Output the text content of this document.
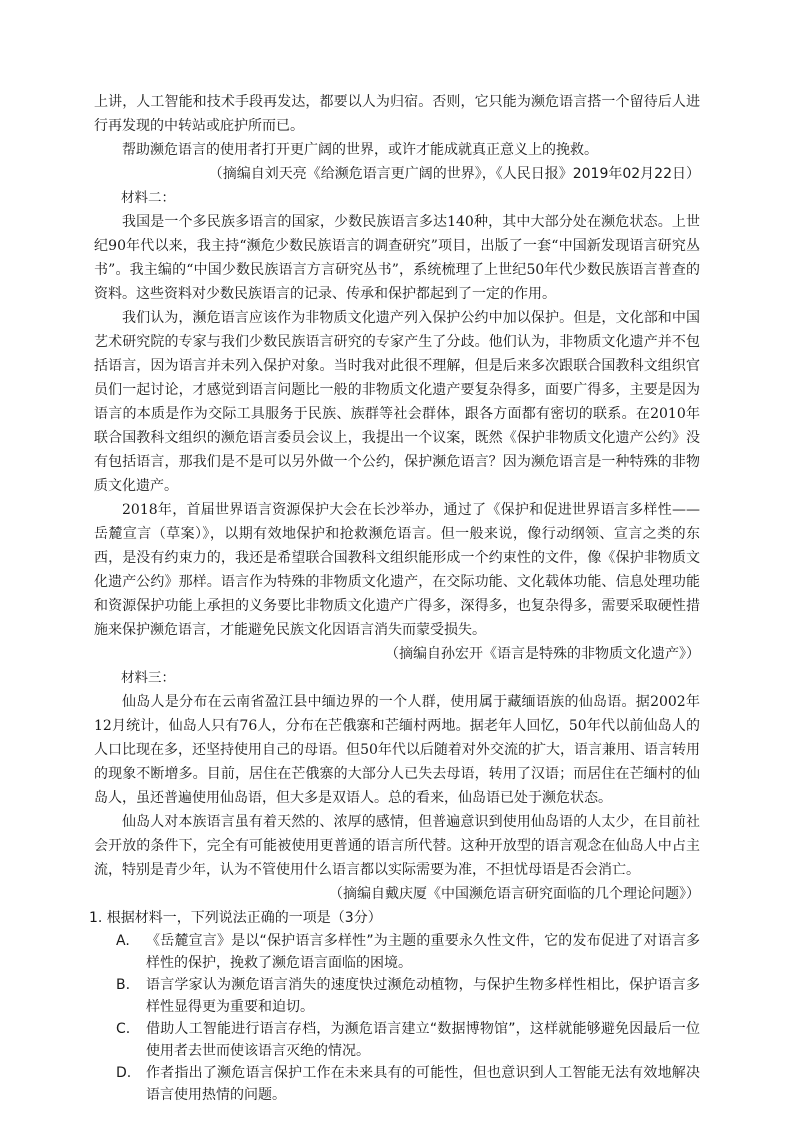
上讲，人工智能和技术手段再发达，都要以人为归宿。否则，它只能为濒危语言搭一个留待后人进行再发现的中转站或庇护所而已。

帮助濒危语言的使用者打开更广阔的世界，或许才能成就真正意义上的挽救。

（摘编自刘天亮《给濒危语言更广阔的世界》，《人民日报》2019年02月22日）

材料二：

我国是一个多民族多语言的国家，少数民族语言多达140种，其中大部分处在濒危状态。上世纪90年代以来，我主持“濒危少数民族语言的调查研究”项目，出版了一套“中国新发现语言研究丛书”。我主编的“中国少数民族语言方言研究丛书”，系统梳理了上世纪50年代少数民族语言普查的资料。这些资料对少数民族语言的记录、传承和保护都起到了一定的作用。

我们认为，濒危语言应该作为非物质文化遗产列入保护公约中加以保护。但是，文化部和中国艺术研究院的专家与我们少数民族语言研究的专家产生了分歧。他们认为，非物质文化遗产并不包括语言，因为语言并未列入保护对象。当时我对此很不理解，但是后来多次跟联合国教科文组织官员们一起讨论，才感觉到语言问题比一般的非物质文化遗产要复杂得多，面要广得多，主要是因为语言的本质是作为交际工具服务于民族、族群等社会群体，跟各方面都有密切的联系。在2010年联合国教科文组织的濒危语言委员会议上，我提出一个议案，既然《保护非物质文化遗产公约》没有包括语言，那我们是不是可以另外做一个公约，保护濒危语言？因为濒危语言是一种特殊的非物质文化遗产。

2018年，首届世界语言资源保护大会在长沙举办，通过了《保护和促进世界语言多样性——岳麓宣言（草案）》，以期有效地保护和抢救濒危语言。但一般来说，像行动纲领、宣言之类的东西，是没有约束力的，我还是希望联合国教科文组织能形成一个约束性的文件，像《保护非物质文化遗产公约》那样。语言作为特殊的非物质文化遗产，在交际功能、文化载体功能、信息处理功能和资源保护功能上承担的义务要比非物质文化遗产广得多，深得多，也复杂得多，需要采取硬性措施来保护濒危语言，才能避免民族文化因语言消失而蒙受损失。

（摘编自孙宏开《语言是特殊的非物质文化遗产》）

材料三：

仙岛人是分布在云南省盈江县中缅边界的一个人群，使用属于藏缅语族的仙岛语。据2002年12月统计，仙岛人只有76人，分布在芒俄寨和芒缅村两地。据老年人回忆，50年代以前仙岛人的人口比现在多，还坚持使用自己的母语。但50年代以后随着对外交流的扩大，语言兼用、语言转用的现象不断增多。目前，居住在芒俄寨的大部分人已失去母语，转用了汉语；而居住在芒缅村的仙岛人，虽还普遍使用仙岛语，但大多是双语人。总的看来，仙岛语已处于濒危状态。

仙岛人对本族语言虽有着天然的、浓厚的感情，但普遍意识到使用仙岛语的人太少，在目前社会开放的条件下，完全有可能被使用更普通的语言所代替。这种开放型的语言观念在仙岛人中占主流，特别是青少年，认为不管使用什么语言都以实际需要为准，不担忧母语是否会消亡。

（摘编自戴庆厦《中国濒危语言研究面临的几个理论问题》）

1. 根据材料一，下列说法正确的一项是（3分）

A.	《岳麓宣言》是以“保护语言多样性”为主题的重要永久性文件，它的发布促进了对语言多样性的保护，挽救了濒危语言面临的困境。
B.	语言学家认为濒危语言消失的速度快过濒危动植物，与保护生物多样性相比，保护语言多样性显得更为重要和迫切。
C.	借助人工智能进行语言存档，为濒危语言建立“数据博物馆”，这样就能够避免因最后一位使用者去世而使该语言灭绝的情况。
D.	作者指出了濒危语言保护工作在未来具有的可能性，但也意识到人工智能无法有效地解决语言使用热情的问题。
